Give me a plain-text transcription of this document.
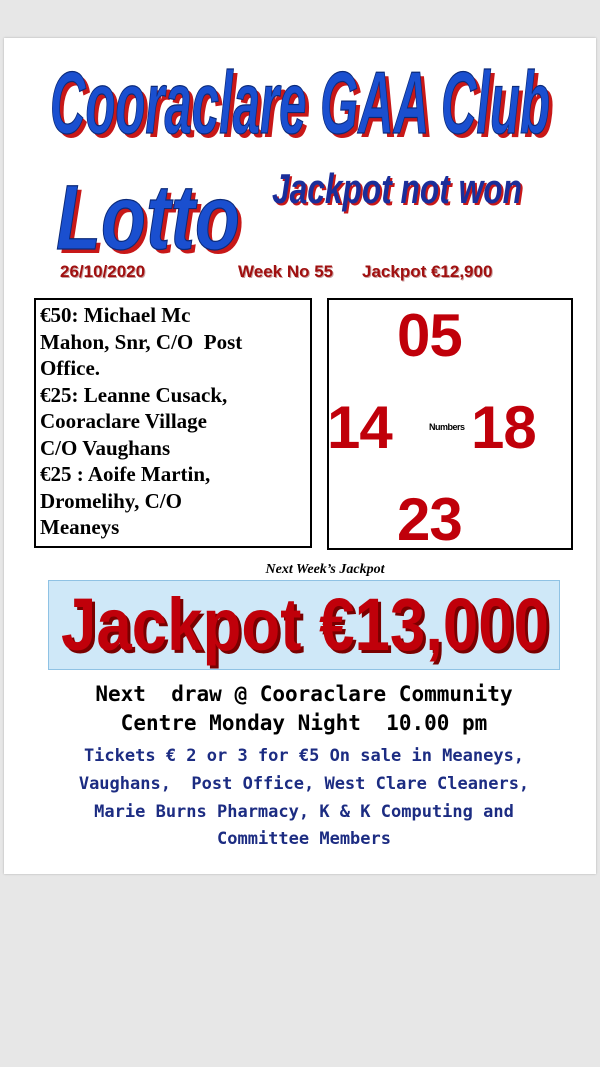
Cooraclare GAA Club
Cooraclare GAA Club
Lotto
Lotto Jackpot not won
Jackpot not won
26/10/2020	Week No 55 Jackpot €12,900
€50: Michael Mc
Mahon, Snr, C/O  Post
Office.
€25: Leanne Cusack,
Cooraclare Village
C/O Vaughans
€25 : Aoife Martin,
Dromelihy, C/O
Meaneys
05
14	Numbers 18
23
Next Week’s Jackpot
Jackpot €13,000
Jackpot €13,000
Next  draw @ Cooraclare Community
Centre Monday Night  10.00 pm
Tickets € 2 or 3 for €5 On sale in Meaneys,
Vaughans,  Post Office, West Clare Cleaners,
Marie Burns Pharmacy, K & K Computing and
Committee Members
